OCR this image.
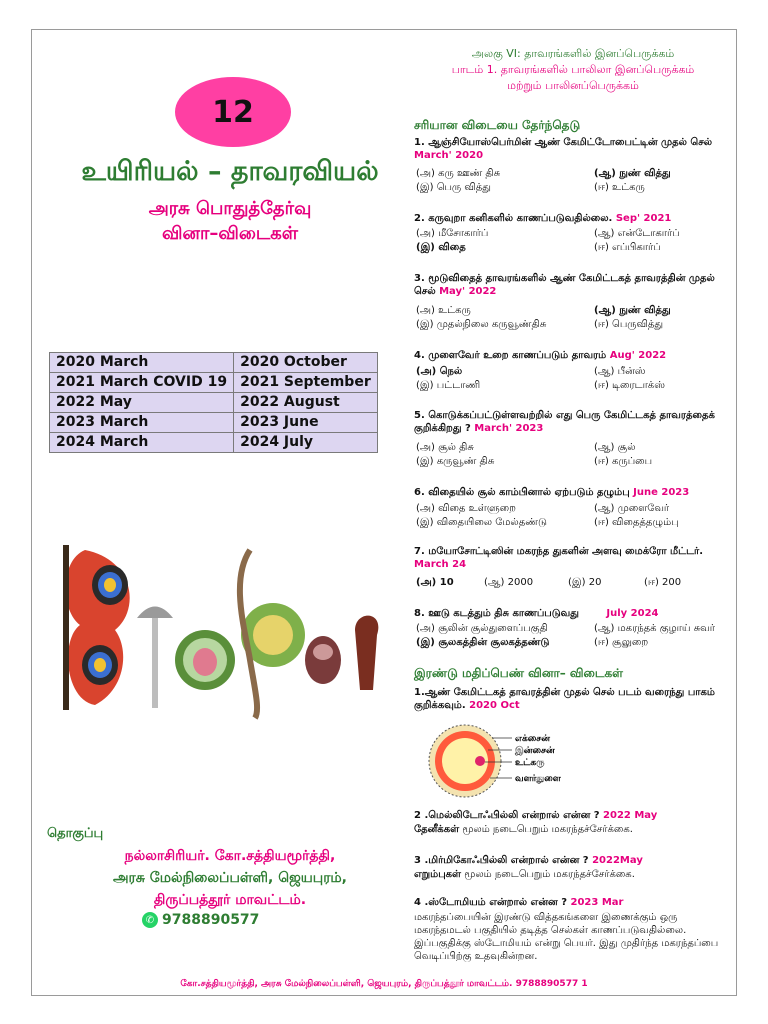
12
உயிரியல் – தாவரவியல்
அரசு பொதுத்தேர்வு
வினா–விடைகள்
2020 March	2020 October
2021 March COVID 19	2021 September
2022 May	2022 August
2023 March	2023 June
2024 March	2024 July
தொகுப்பு
நல்லாசிரியர். கோ.சத்தியமூர்த்தி,
அரசு மேல்நிலைப்பள்ளி, ஜெயபுரம்,
திருப்பத்தூர் மாவட்டம்.
✆ 9788890577
அலகு VI: தாவரங்களில் இனப்பெருக்கம்
பாடம் 1. தாவரங்களில் பாலிலா இனப்பெருக்கம்
மற்றும் பாலினப்பெருக்கம்
சரியான விடையை தேர்ந்தெடு
1. ஆஞ்சியோஸ்பெர்மின் ஆண் கேமிட்டோபைட்டின் முதல் செல் March' 2020
(அ) கரு ஊண் திசு	(ஆ) நுண் வித்து
(இ) பெரு வித்து	(ஈ) உட்கரு
2. கருவுறா கனிகளில் காணப்படுவதில்லை. Sep' 2021
(அ) மீசோகார்ப்	(ஆ) என்டோகார்ப்
(இ) விதை	(ஈ) எப்பிகார்ப்
3. மூடுவிதைத் தாவரங்களில் ஆண் கேமிட்டகத் தாவரத்தின் முதல் செல் May' 2022
(அ) உட்கரு	(ஆ) நுண் வித்து
(இ) முதல்நிலை கருவூண்திசு	(ஈ) பெருவித்து
4. முளைவேர் உறை காணப்படும் தாவரம் Aug' 2022
(அ) நெல்	(ஆ) பீன்ஸ்
(இ) பட்டாணி	(ஈ) டிரைடாக்ஸ்
5. கொடுக்கப்பட்டுள்ளவற்றில் எது பெரு கேமிட்டகத் தாவரத்தைக் குறிக்கிறது ? March' 2023
(அ) சூல் திசு	(ஆ) சூல்
(இ) கருவூண் திசு	(ஈ) கருப்பை
6. விதையில் சூல் காம்பினால் ஏற்படும் தழும்பு June 2023
(அ) விதை உள்ளுறை	(ஆ) முளைவேர்
(இ) விதையிலை மேல்தண்டு	(ஈ) விதைத்தழும்பு
7. மயோசோட்டிஸின் மகரந்த துகளின் அளவு மைக்ரோ மீட்டர்.
March 24
(அ) 10	(ஆ) 2000	(இ) 20	(ஈ) 200
8. ஊடு கடத்தும் திசு காணப்படுவது	July 2024
(அ) சூலின் சூல்துளைப்பகுதி	(ஆ) மகரந்தக் குழாய் சுவர்
(இ) சூலகத்தின் சூலகத்தண்டு	(ஈ) சூலுறை
இரண்டு மதிப்பெண் வினா– விடைகள்
1.ஆண் கேமிட்டகத் தாவரத்தின் முதல் செல் படம் வரைந்து பாகம் குறிக்கவும். 2020 Oct
எக்சைன்
இன்சைன்
உட்கரு
வளர்துளை
2 .மெல்லிடோஃபில்லி என்றால் என்ன ? 2022 May
தேனீக்கள் மூலம் நடைபெறும் மகரந்தச்சேர்க்கை.
3 .மிர்மிகோஃபில்லி என்றால் என்ன ? 2022May
எறும்புகள் மூலம் நடைபெறும் மகரந்தச்சேர்க்கை.
4 .ஸ்டோமியம் என்றால் என்ன ? 2023 Mar
மகரந்தப்பையின் இரண்டு வித்தகங்களை இணைக்கும் ஒரு மகரந்தமடல் பகுதியில் தடித்த செல்கள் காணப்படுவதில்லை. இப்பகுதிக்கு ஸ்டோமியம் என்று பெயர். இது முதிர்ந்த மகரந்தப்பை வெடிப்பிற்கு உதவுகின்றன.
கோ.சத்தியமூர்த்தி, அரசு மேல்நிலைப்பள்ளி, ஜெயபுரம், திருப்பத்தூர் மாவட்டம். 9788890577 1
